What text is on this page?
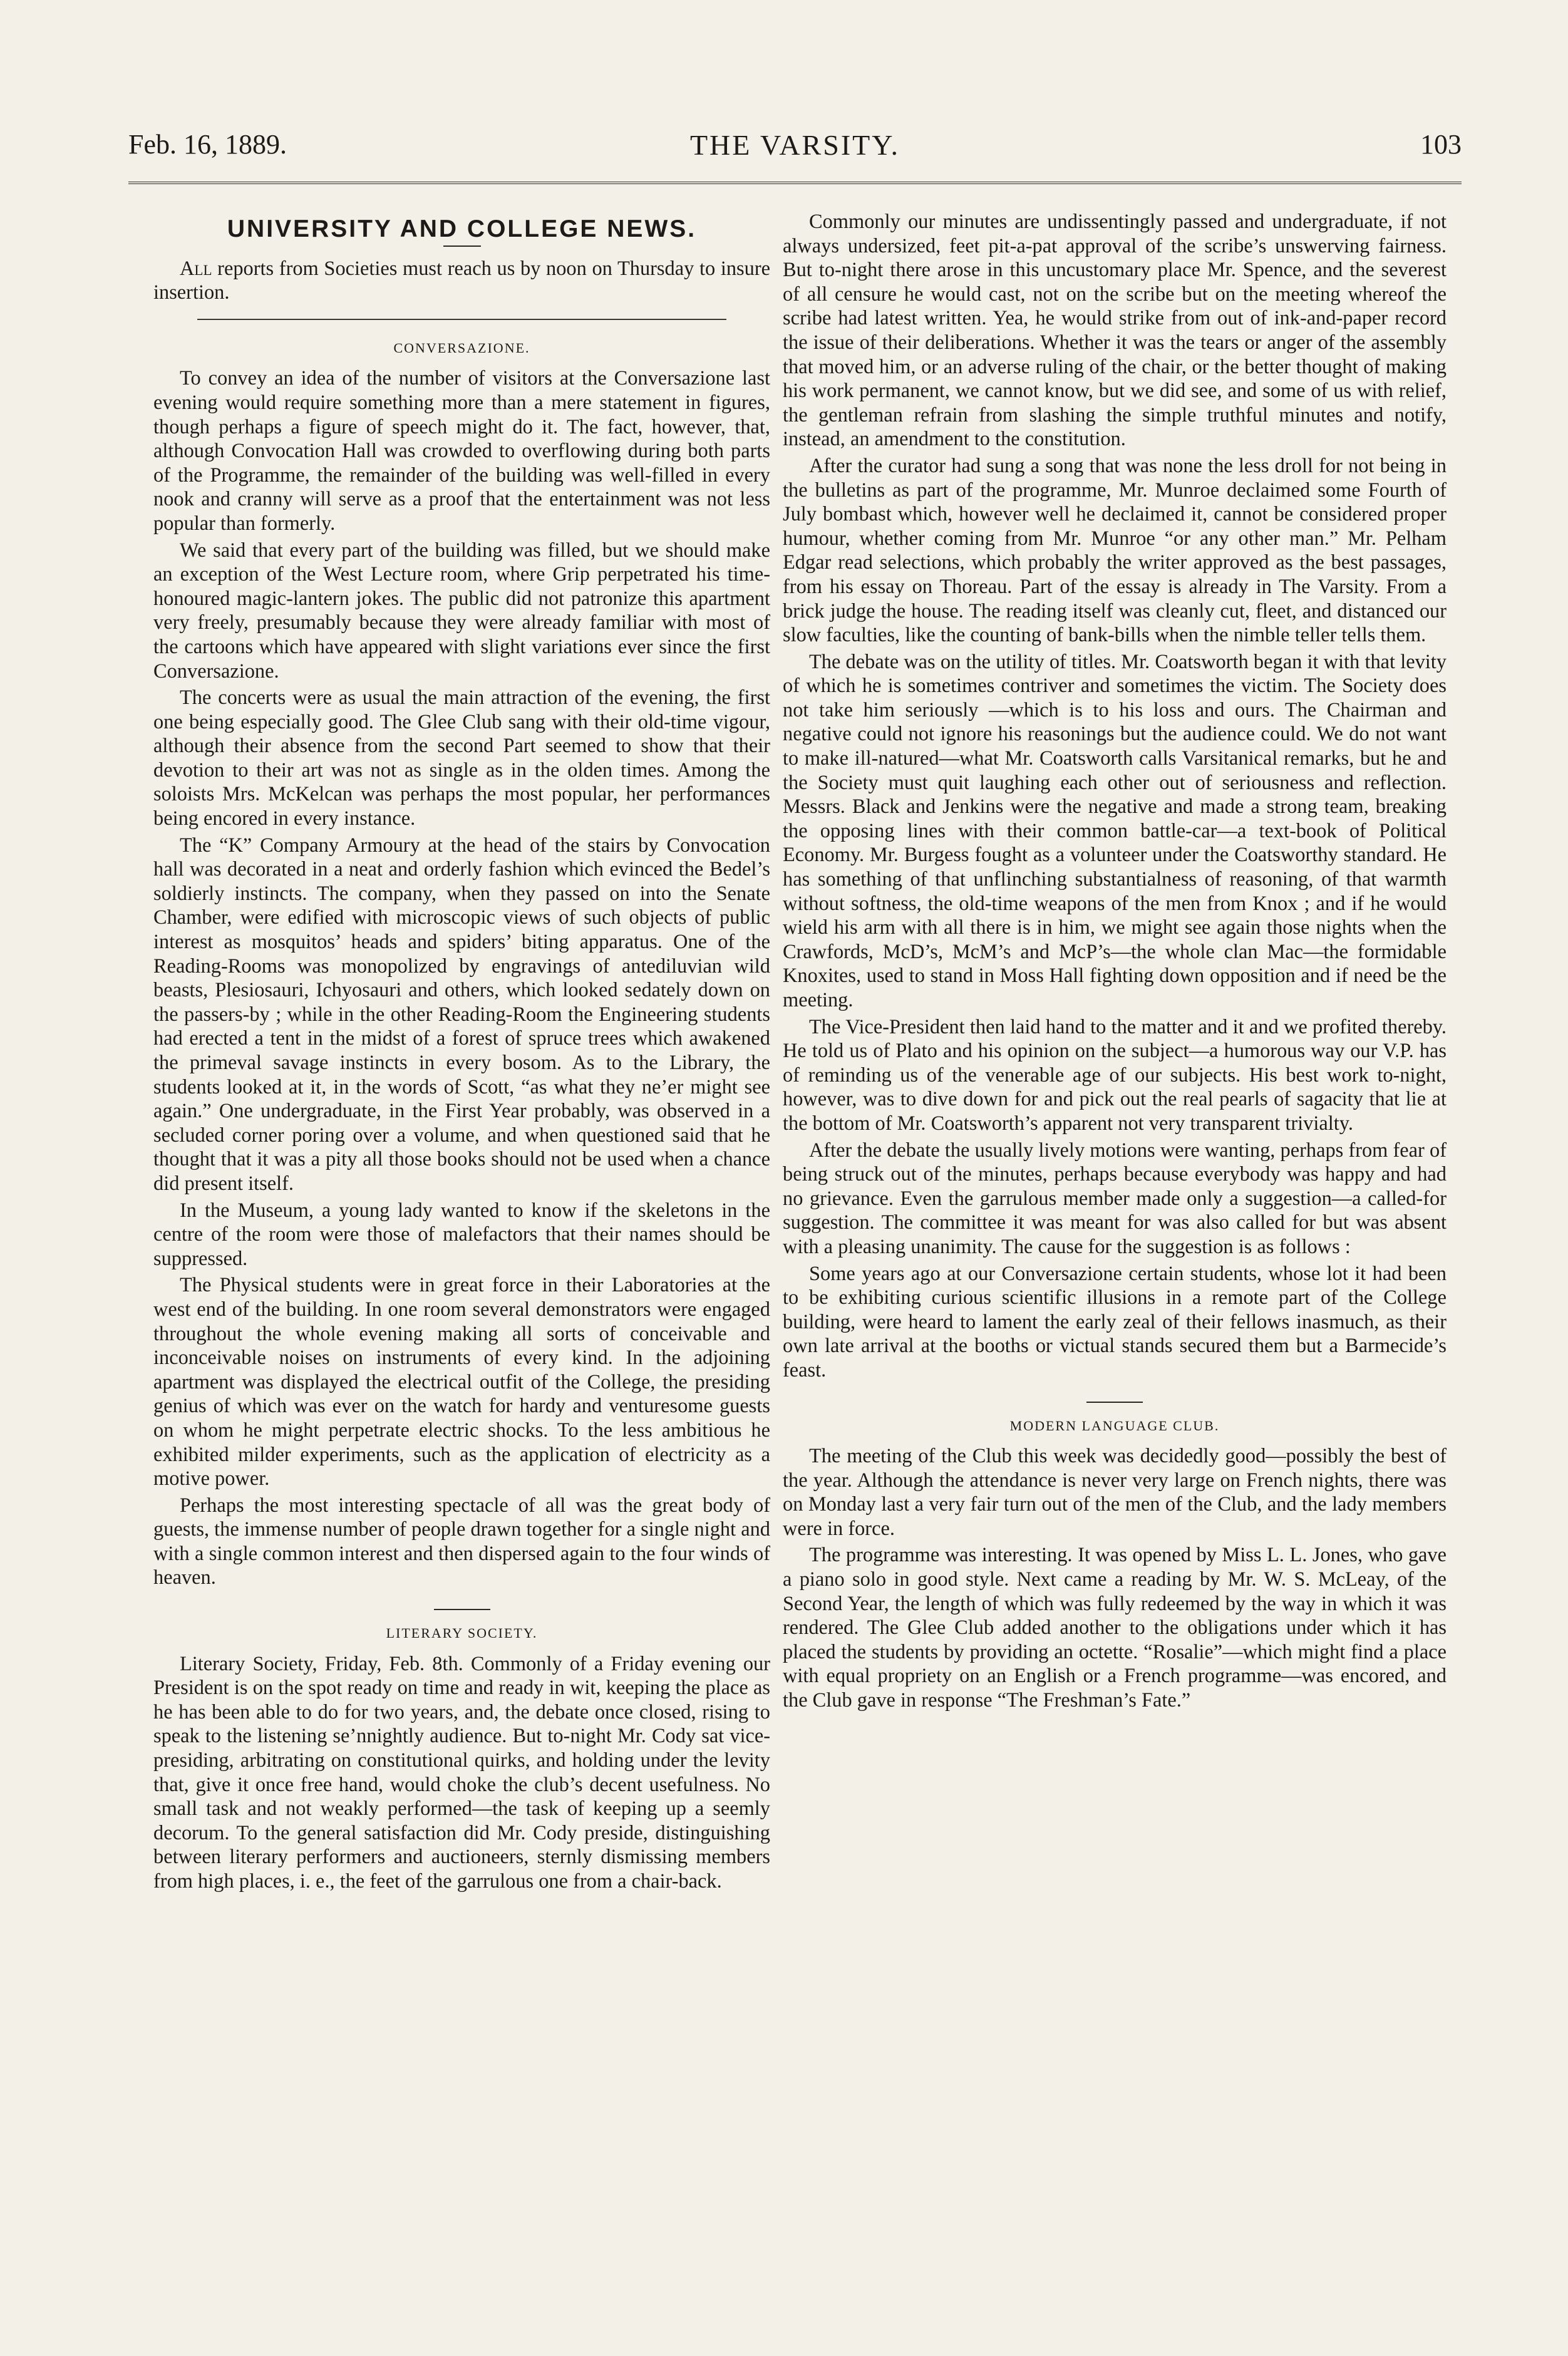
Feb. 16, 1889.	THE VARSITY.	103
UNIVERSITY AND COLLEGE NEWS.

All reports from Societies must reach us by noon on Thursday to insure insertion.

CONVERSAZIONE.

To convey an idea of the number of visitors at the Conversazione last evening would require something more than a mere statement in figures, though perhaps a figure of speech might do it. The fact, however, that, although Convocation Hall was crowded to overflowing during both parts of the Programme, the remainder of the building was well-filled in every nook and cranny will serve as a proof that the entertainment was not less popular than formerly.

We said that every part of the building was filled, but we should make an exception of the West Lecture room, where Grip perpetrated his time-honoured magic-lantern jokes. The public did not patronize this apartment very freely, presumably because they were already familiar with most of the cartoons which have appeared with slight variations ever since the first Conversazione.

The concerts were as usual the main attraction of the evening, the first one being especially good. The Glee Club sang with their old-time vigour, although their absence from the second Part seemed to show that their devotion to their art was not as single as in the olden times. Among the soloists Mrs. McKelcan was perhaps the most popular, her performances being encored in every instance.

The “K” Company Armoury at the head of the stairs by Convocation hall was decorated in a neat and orderly fashion which evinced the Bedel’s soldierly instincts. The company, when they passed on into the Senate Chamber, were edified with microscopic views of such objects of public interest as mosquitos’ heads and spiders’ biting apparatus. One of the Reading-Rooms was monopolized by engravings of antediluvian wild beasts, Plesiosauri, Ichyosauri and others, which looked sedately down on the passers-by ; while in the other Reading-Room the Engineering students had erected a tent in the midst of a forest of spruce trees which awakened the primeval savage instincts in every bosom. As to the Library, the students looked at it, in the words of Scott, “as what they ne’er might see again.” One undergraduate, in the First Year probably, was observed in a secluded corner poring over a volume, and when questioned said that he thought that it was a pity all those books should not be used when a chance did present itself.

In the Museum, a young lady wanted to know if the skeletons in the centre of the room were those of malefactors that their names should be suppressed.

The Physical students were in great force in their Laboratories at the west end of the building. In one room several demonstrators were engaged throughout the whole evening making all sorts of conceivable and inconceivable noises on instruments of every kind. In the adjoining apartment was displayed the electrical outfit of the College, the presiding genius of which was ever on the watch for hardy and venturesome guests on whom he might perpetrate electric shocks. To the less ambitious he exhibited milder experiments, such as the application of electricity as a motive power.

Perhaps the most interesting spectacle of all was the great body of guests, the immense number of people drawn together for a single night and with a single common interest and then dispersed again to the four winds of heaven.

LITERARY SOCIETY.

Literary Society, Friday, Feb. 8th. Commonly of a Friday evening our President is on the spot ready on time and ready in wit, keeping the place as he has been able to do for two years, and, the debate once closed, rising to speak to the listening se’nnightly audience. But to-night Mr. Cody sat vice-presiding, arbitrating on constitutional quirks, and holding under the levity that, give it once free hand, would choke the club’s decent usefulness. No small task and not weakly performed—the task of keeping up a seemly decorum. To the general satisfaction did Mr. Cody preside, distinguishing between literary performers and auctioneers, sternly dismissing members from high places, i. e., the feet of the garrulous one from a chair-back.

Commonly our minutes are undissentingly passed and undergraduate, if not always undersized, feet pit-a-pat approval of the scribe’s unswerving fairness. But to-night there arose in this uncustomary place Mr. Spence, and the severest of all censure he would cast, not on the scribe but on the meeting whereof the scribe had latest written. Yea, he would strike from out of ink-and-paper record the issue of their deliberations. Whether it was the tears or anger of the assembly that moved him, or an adverse ruling of the chair, or the better thought of making his work permanent, we cannot know, but we did see, and some of us with relief, the gentleman refrain from slashing the simple truthful minutes and notify, instead, an amendment to the constitution.

After the curator had sung a song that was none the less droll for not being in the bulletins as part of the programme, Mr. Munroe declaimed some Fourth of July bombast which, however well he declaimed it, cannot be considered proper humour, whether coming from Mr. Munroe “or any other man.” Mr. Pelham Edgar read selections, which probably the writer approved as the best passages, from his essay on Thoreau. Part of the essay is already in The Varsity. From a brick judge the house. The reading itself was cleanly cut, fleet, and distanced our slow faculties, like the counting of bank-bills when the nimble teller tells them.

The debate was on the utility of titles. Mr. Coatsworth began it with that levity of which he is sometimes contriver and sometimes the victim. The Society does not take him seriously —which is to his loss and ours. The Chairman and negative could not ignore his reasonings but the audience could. We do not want to make ill-natured—what Mr. Coatsworth calls Varsitanical remarks, but he and the Society must quit laughing each other out of seriousness and reflection. Messrs. Black and Jenkins were the negative and made a strong team, breaking the opposing lines with their common battle-car—a text-book of Political Economy. Mr. Burgess fought as a volunteer under the Coatsworthy standard. He has something of that unflinching substantialness of reasoning, of that warmth without softness, the old-time weapons of the men from Knox ; and if he would wield his arm with all there is in him, we might see again those nights when the Crawfords, McD’s, McM’s and McP’s—the whole clan Mac—the formidable Knoxites, used to stand in Moss Hall fighting down opposition and if need be the meeting.

The Vice-President then laid hand to the matter and it and we profited thereby. He told us of Plato and his opinion on the subject—a humorous way our V.P. has of reminding us of the venerable age of our subjects. His best work to-night, however, was to dive down for and pick out the real pearls of sagacity that lie at the bottom of Mr. Coatsworth’s apparent not very transparent trivialty.

After the debate the usually lively motions were wanting, perhaps from fear of being struck out of the minutes, perhaps because everybody was happy and had no grievance. Even the garrulous member made only a suggestion—a called-for suggestion. The committee it was meant for was also called for but was absent with a pleasing unanimity. The cause for the suggestion is as follows :

Some years ago at our Conversazione certain students, whose lot it had been to be exhibiting curious scientific illusions in a remote part of the College building, were heard to lament the early zeal of their fellows inasmuch, as their own late arrival at the booths or victual stands secured them but a Barmecide’s feast.

MODERN LANGUAGE CLUB.

The meeting of the Club this week was decidedly good—possibly the best of the year. Although the attendance is never very large on French nights, there was on Monday last a very fair turn out of the men of the Club, and the lady members were in force.

The programme was interesting. It was opened by Miss L. L. Jones, who gave a piano solo in good style. Next came a reading by Mr. W. S. McLeay, of the Second Year, the length of which was fully redeemed by the way in which it was rendered. The Glee Club added another to the obligations under which it has placed the students by providing an octette. “Rosalie”—which might find a place with equal propriety on an English or a French programme—was encored, and the Club gave in response “The Freshman’s Fate.”
